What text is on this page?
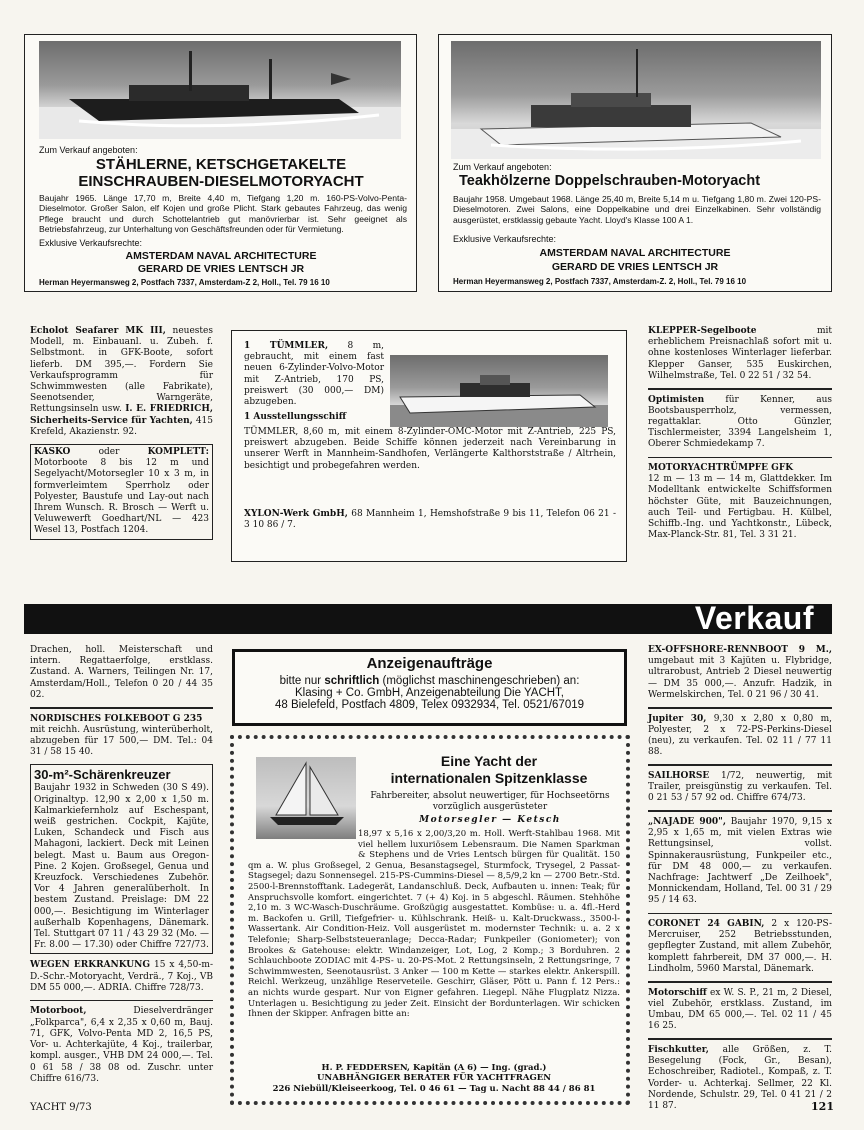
Zum Verkauf angeboten:
STÄHLERNE, KETSCHGETAKELTE
EINSCHRAUBEN-DIESELMOTORYACHT
Baujahr 1965. Länge 17,70 m, Breite 4,40 m, Tiefgang 1,20 m. 160-PS-Volvo-Penta-Dieselmotor. Großer Salon, elf Kojen und große Plicht. Stark gebautes Fahrzeug, das wenig Pflege braucht und durch Schottelantrieb gut manövrierbar ist. Sehr geeignet als Betriebsfahrzeug, zur Unterhaltung von Geschäftsfreunden oder für Vermietung.
Exklusive Verkaufsrechte:
AMSTERDAM NAVAL ARCHITECTURE
GERARD DE VRIES LENTSCH JR
Herman Heyermansweg 2, Postfach 7337, Amsterdam-Z 2, Holl., Tel. 79 16 10
Zum Verkauf angeboten:
Teakhölzerne Doppelschrauben-Motoryacht
Baujahr 1958. Umgebaut 1968. Länge 25,40 m, Breite 5,14 m u. Tiefgang 1,80 m. Zwei 120-PS-Dieselmotoren. Zwei Salons, eine Doppelkabine und drei Einzelkabinen. Sehr vollständig ausgerüstet, erstklassig gebaute Yacht. Lloyd's Klasse 100 A 1.
Exklusive Verkaufsrechte:
AMSTERDAM NAVAL ARCHITECTURE
GERARD DE VRIES LENTSCH JR
Herman Heyermansweg 2, Postfach 7337, Amsterdam-Z. 2, Holl., Tel. 79 16 10
Echolot Seafarer MK III, neuestes Modell, m. Einbauanl. u. Zubeh. f. Selbstmont. in GFK-Boote, sofort lieferb. DM 395,—. Fordern Sie Verkaufsprogramm für Schwimmwesten (alle Fabrikate), Seenotsender, Warngeräte, Rettungsinseln usw. I. E. FRIEDRICH, Sicherheits-Service für Yachten, 415 Krefeld, Akazienstr. 92.
KASKO	oder	KOMPLETT: Motorboote 8 bis 12 m und Segelyacht/Motorsegler 10 x 3 m, in formverleimtem Sperrholz oder Polyester, Baustufe und Lay-out nach Ihrem Wunsch. R. Brosch — Werft u. Veluwewerft Goedhart/NL — 423 Wesel 13, Postfach 1204.
1 TÜMMLER, 8 m, gebraucht, mit einem fast neuen 6-Zylinder-Volvo-Motor mit Z-Antrieb, 170 PS, preiswert (30 000,— DM) abzugeben.
1 Ausstellungsschiff
TÜMMLER, 8,60 m, mit einem 8-Zylinder-OMC-Motor mit Z-Antrieb, 225 PS, preiswert abzugeben. Beide Schiffe können jederzeit nach Vereinbarung in unserer Werft in Mannheim-Sandhofen, Verlängerte Kalthorststraße / Altrhein, besichtigt und probegefahren werden.
XYLON-Werk GmbH, 68 Mannheim 1, Hemshofstraße 9 bis 11, Telefon 06 21 - 3 10 86 / 7.
KLEPPER-Segelboote	mit erheblichem Preisnachlaß sofort mit u. ohne kostenloses Winterlager lieferbar. Klepper Ganser, 535 Euskirchen, Wilhelmstraße, Tel. 0 22 51 / 32 54.
Optimisten für Kenner, aus Bootsbausperrholz, vermessen, regattaklar. Otto Günzler, Tischlermeister, 3394 Langelsheim 1, Oberer Schmiedekamp 7.
MOTORYACHTRÜMPFE GFK
12 m — 13 m — 14 m, Glattdekker. Im Modelltank entwickelte Schiffsformen höchster Güte, mit Bauzeichnungen, auch Teil- und Fertigbau. H. Külbel, Schiffb.-Ing. und Yachtkonstr., Lübeck, Max-Planck-Str. 81, Tel. 3 31 21.
Verkauf
Drachen, holl. Meisterschaft und intern. Regattaerfolge, erstklass. Zustand. A. Warners, Teilingen Nr. 17, Amsterdam/Holl., Telefon 0 20 / 44 35 02.
NORDISCHES FOLKEBOOT G 235
mit reichh. Ausrüstung, winterüberholt, abzugeben für 17 500,— DM. Tel.: 04 31 / 58 15 40.
30-m²-Schärenkreuzer
Baujahr 1932 in Schweden (30 S 49). Originaltyp. 12,90 x 2,00 x 1,50 m. Kalmarkiefernholz auf Eschespant, weiß gestrichen. Cockpit, Kajüte, Luken, Schandeck und Fisch aus Mahagoni, lackiert. Deck mit Leinen belegt. Mast u. Baum aus Oregon-Pine. 2 Kojen. Großsegel, Genua und Kreuzfock. Verschiedenes Zubehör. Vor 4 Jahren generalüberholt. In bestem Zustand. Preislage: DM 22 000,—. Besichtigung im Winterlager außerhalb Kopenhagens, Dänemark. Tel. Stuttgart 07 11 / 43 29 32 (Mo. — Fr. 8.00 — 17.30) oder Chiffre 727/73.
WEGEN ERKRANKUNG 15 x 4,50-m-D.-Schr.-Motoryacht, Verdrä., 7 Koj., VB DM 55 000,—. ADRIA. Chiffre 728/73.
Motorboot,	Dieselverdränger „Folkparca", 6,4 x 2,35 x 0,60 m, Bauj. 71, GFK, Volvo-Penta MD 2, 16,5 PS, Vor- u. Achterkajüte, 4 Koj., trailerbar, kompl. ausger., VHB DM 24 000,—. Tel. 0 61 58 / 38 08 od. Zuschr. unter Chiffre 616/73.
Anzeigenaufträge
bitte nur schriftlich (möglichst maschinengeschrieben) an:
Klasing + Co. GmbH, Anzeigenabteilung Die YACHT,
48 Bielefeld, Postfach 4809, Telex 0932934, Tel. 0521/67019
Eine Yacht der
internationalen Spitzenklasse
Fahrbereiter, absolut neuwertiger, für Hochseetörns vorzüglich ausgerüsteter
Motorsegler — Ketsch
18,97 x 5,16 x 2,00/3,20 m. Holl. Werft-Stahlbau 1968. Mit viel hellem luxuriösem Lebensraum. Die Namen Sparkman & Stephens und de Vries Lentsch bürgen für Qualität. 150 qm a. W. plus Großsegel, 2 Genua, Besanstagsegel, Sturmfock, Trysegel, 2 Passat-Stagsegel; dazu Sonnensegel. 215-PS-Cummins-Diesel — 8,5/9,2 kn — 2700 Betr.-Std. 2500-l-Brennstofftank. Ladegerät, Landanschluß. Deck, Aufbauten u. innen: Teak; für Anspruchsvolle komfort. eingerichtet. 7 (+ 4) Koj. in 5 abgeschl. Räumen. Stehhöhe 2,10 m. 3 WC-Wasch-Duschräume. Großzügig ausgestattet. Kombüse: u. a. 4fl.-Herd m. Backofen u. Grill, Tiefgefrier- u. Kühlschrank. Heiß- u. Kalt-Druckwass., 3500-l-Wassertank. Air Condition-Heiz. Voll ausgerüstet m. modernster Technik: u. a. 2 x Telefonie; Sharp-Selbststeueranlage; Decca-Radar; Funkpeiler (Goniometer); von Brookes & Gatehouse: elektr. Windanzeiger, Lot, Log, 2 Komp.; 3 Borduhren. 2 Schlauchboote ZODIAC mit 4-PS- u. 20-PS-Mot. 2 Rettungsinseln, 2 Rettungsringe, 7 Schwimmwesten, Seenotausrüst. 3 Anker — 100 m Kette — starkes elektr. Ankerspill. Reichl. Werkzeug, unzählige Reserveteile. Geschirr, Gläser, Pött u. Pann f. 12 Pers.: an nichts wurde gespart. Nur von Eigner gefahren. Liegepl. Nähe Flugplatz Nizza. Unterlagen u. Besichtigung zu jeder Zeit. Einsicht der Bordunterlagen. Wir schicken Ihnen der Skipper. Anfragen bitte an:
H. P. FEDDERSEN, Kapitän (A 6) — Ing. (grad.)
UNABHÄNGIGER BERATER FÜR YACHTFRAGEN
226 Niebüll/Kleiseerkoog, Tel. 0 46 61 — Tag u. Nacht 88 44 / 86 81
EX-OFFSHORE-RENNBOOT 9 M., umgebaut mit 3 Kajüten u. Flybridge, ultrarobust, Antrieb 2 Diesel neuwertig — DM 35 000,—. Anzufr. Hadzik, in Wermelskirchen, Tel. 0 21 96 / 30 41.
Jupiter 30, 9,30 x 2,80 x 0,80 m, Polyester, 2 x 72-PS-Perkins-Diesel (neu), zu verkaufen. Tel. 02 11 / 77 11 88.
SAILHORSE 1/72, neuwertig, mit Trailer, preisgünstig zu verkaufen. Tel. 0 21 53 / 57 92 od. Chiffre 674/73.
„NAJADE 900", Baujahr 1970, 9,15 x 2,95 x 1,65 m, mit vielen Extras wie Rettungsinsel, vollst. Spinnakerausrüstung, Funkpeiler etc., für DM 48 000,— zu verkaufen. Nachfrage: Jachtwerf „De Zeilhoek", Monnickendam, Holland, Tel. 00 31 / 29 95 / 14 63.
CORONET 24 GABIN, 2 x 120-PS-Mercruiser, 252 Betriebsstunden, gepflegter Zustand, mit allem Zubehör, komplett fahrbereit, DM 37 000,—. H. Lindholm, 5960 Marstal, Dänemark.
Motorschiff ex W. S. P., 21 m, 2 Diesel, viel Zubehör, erstklass. Zustand, im Umbau, DM 65 000,—. Tel. 02 11 / 45 16 25.
Fischkutter, alle Größen, z. T. Besegelung (Fock, Gr., Besan), Echoschreiber, Radiotel., Kompaß, z. T. Vorder- u. Achterkaj. Sellmer, 22 Kl. Nordende, Schulstr. 29, Tel. 0 41 21 / 2 11 87.
YACHT 9/73	121
